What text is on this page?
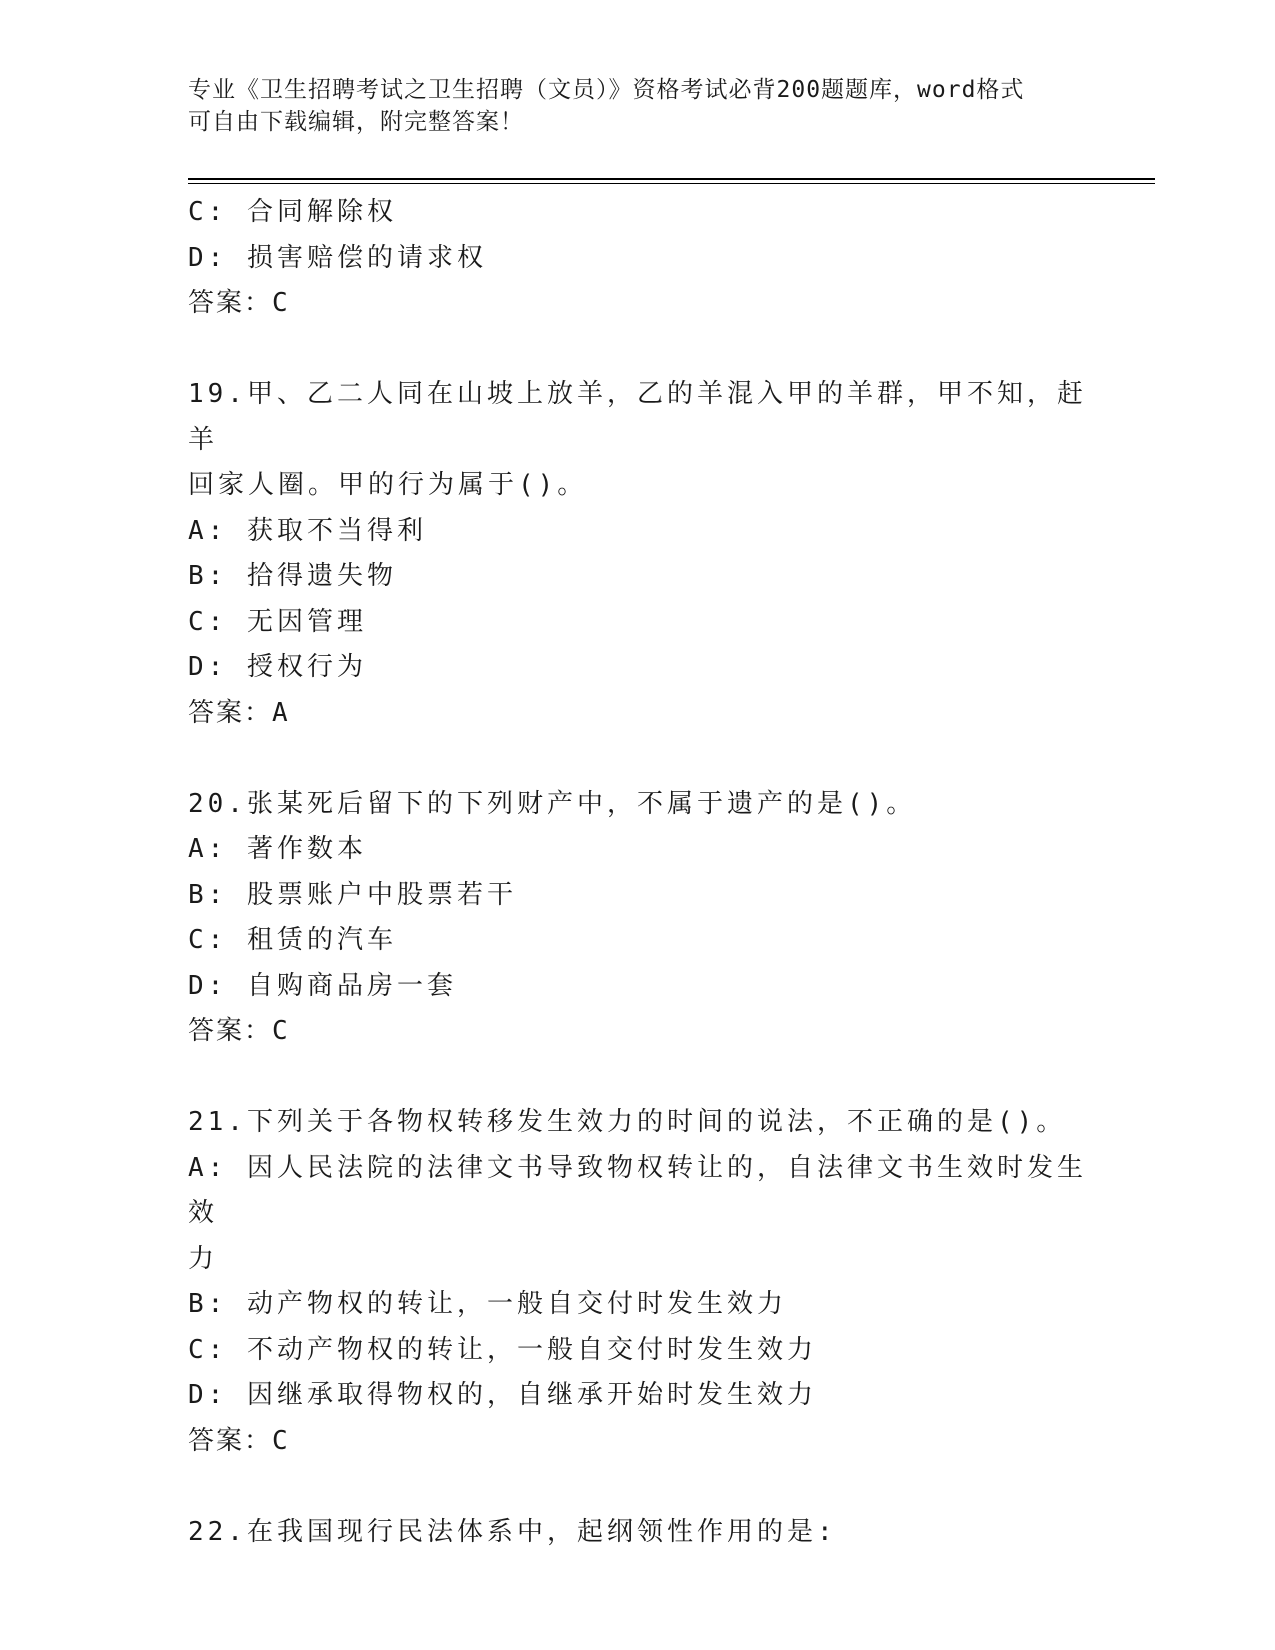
专业《卫生招聘考试之卫生招聘（文员）》资格考试必背200题题库，word格式
可自由下载编辑，附完整答案！
C: 合同解除权
D: 损害赔偿的请求权
答案：C
19.甲、乙二人同在山坡上放羊，乙的羊混入甲的羊群，甲不知，赶羊
回家人圈。甲的行为属于()。
A: 获取不当得利
B: 拾得遗失物
C: 无因管理
D: 授权行为
答案：A
20.张某死后留下的下列财产中，不属于遗产的是()。
A: 著作数本
B: 股票账户中股票若干
C: 租赁的汽车
D: 自购商品房一套
答案：C
21.下列关于各物权转移发生效力的时间的说法，不正确的是()。
A: 因人民法院的法律文书导致物权转让的，自法律文书生效时发生效
力
B: 动产物权的转让，一般自交付时发生效力
C: 不动产物权的转让，一般自交付时发生效力
D: 因继承取得物权的，自继承开始时发生效力
答案：C
22.在我国现行民法体系中，起纲领性作用的是:
